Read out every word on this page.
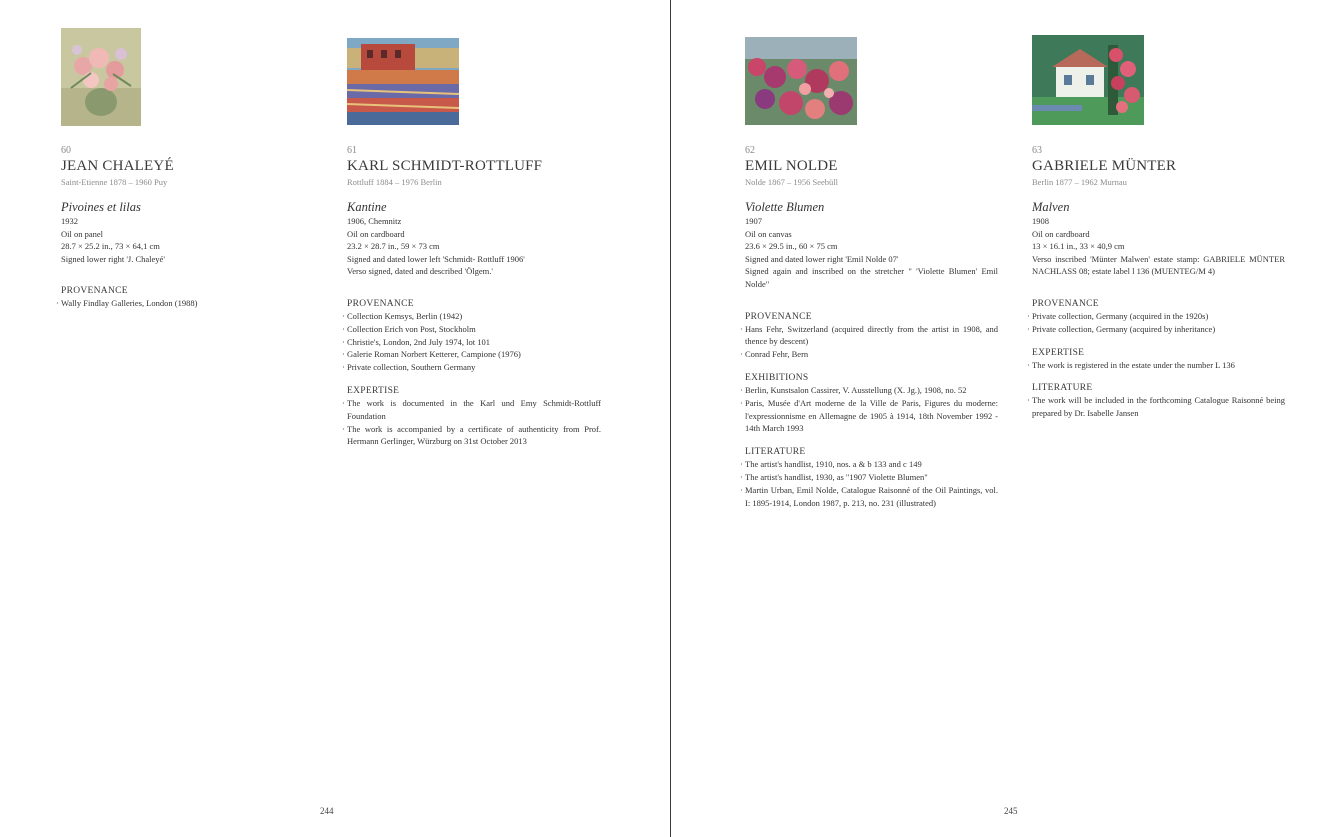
60
JEAN CHALEYÉ
Saint-Etienne 1878 – 1960 Puy
Pivoines et lilas
1932
Oil on panel
28.7 × 25.2 in., 73 × 64,1 cm
Signed lower right 'J. Chaleyé'
PROVENANCE
· Wally Findlay Galleries, London (1988)
61
KARL SCHMIDT-ROTTLUFF
Rottluff 1884 – 1976 Berlin
Kantine
1906, Chemnitz
Oil on cardboard
23.2 × 28.7 in., 59 × 73 cm
Signed and dated lower left 'Schmidt- Rottluff 1906'
Verso signed, dated and described 'Ölgem.'
PROVENANCE
· Collection Kemsys, Berlin (1942)
· Collection Erich von Post, Stockholm
· Christie's, London, 2nd July 1974, lot 101
· Galerie Roman Norbert Ketterer, Campione (1976)
· Private collection, Southern Germany
EXPERTISE
· The work is documented in the Karl und Emy Schmidt-Rottluff Foundation
· The work is accompanied by a certificate of authenticity from Prof. Hermann Gerlinger, Würzburg on 31st October 2013
62
EMIL NOLDE
Nolde 1867 – 1956 Seebüll
Violette Blumen
1907
Oil on canvas
23.6 × 29.5 in., 60 × 75 cm
Signed and dated lower right 'Emil Nolde 07'
Signed again and inscribed on the stretcher " 'Violette Blumen' Emil Nolde"
PROVENANCE
· Hans Fehr, Switzerland (acquired directly from the artist in 1908, and thence by descent)
· Conrad Fehr, Bern
EXHIBITIONS
· Berlin, Kunstsalon Cassirer, V. Ausstellung (X. Jg.), 1908, no. 52
· Paris, Musée d'Art moderne de la Ville de Paris, Figures du moderne: l'expressionnisme en Allemagne de 1905 à 1914, 18th November 1992 - 14th March 1993
LITERATURE
· The artist's handlist, 1910, nos. a & b 133 and c 149
· The artist's handlist, 1930, as "1907 Violette Blumen"
· Martin Urban, Emil Nolde, Catalogue Raisonné of the Oil Paintings, vol. I: 1895-1914, London 1987, p. 213, no. 231 (illustrated)
63
GABRIELE MÜNTER
Berlin 1877 – 1962 Murnau
Malven
1908
Oil on cardboard
13 × 16.1 in., 33 × 40,9 cm
Verso inscribed 'Münter Malwen' estate stamp: GABRIELE MÜNTER NACHLASS 08; estate label l 136 (MUENTEG/M 4)
PROVENANCE
· Private collection, Germany (acquired in the 1920s)
· Private collection, Germany (acquired by inheritance)
EXPERTISE
· The work is registered in the estate under the number L 136
LITERATURE
· The work will be included in the forthcoming Catalogue Raisonné being prepared by Dr. Isabelle Jansen
244	245
